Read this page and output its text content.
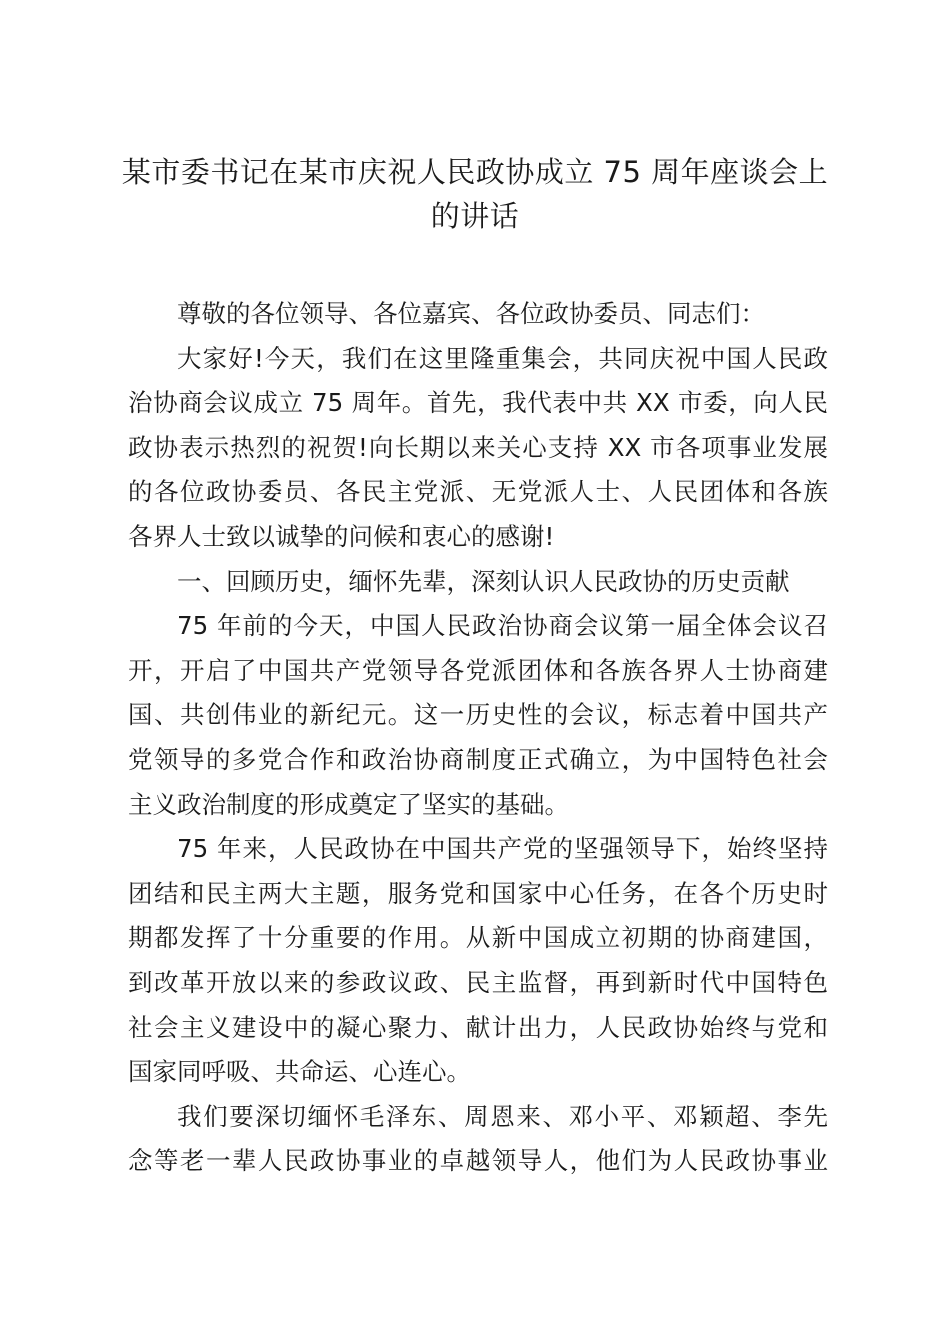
某市委书记在某市庆祝人民政协成立 75 周年座谈会上
的讲话
尊敬的各位领导、各位嘉宾、各位政协委员、同志们：
大家好!今天，我们在这里隆重集会，共同庆祝中国人民政
治协商会议成立 75 周年。首先，我代表中共 XX 市委，向人民
政协表示热烈的祝贺!向长期以来关心支持 XX 市各项事业发展
的各位政协委员、各民主党派、无党派人士、人民团体和各族
各界人士致以诚挚的问候和衷心的感谢!
一、回顾历史，缅怀先辈，深刻认识人民政协的历史贡献
75 年前的今天，中国人民政治协商会议第一届全体会议召
开，开启了中国共产党领导各党派团体和各族各界人士协商建
国、共创伟业的新纪元。这一历史性的会议，标志着中国共产
党领导的多党合作和政治协商制度正式确立，为中国特色社会
主义政治制度的形成奠定了坚实的基础。
75 年来，人民政协在中国共产党的坚强领导下，始终坚持
团结和民主两大主题，服务党和国家中心任务，在各个历史时
期都发挥了十分重要的作用。从新中国成立初期的协商建国，
到改革开放以来的参政议政、民主监督，再到新时代中国特色
社会主义建设中的凝心聚力、献计出力，人民政协始终与党和
国家同呼吸、共命运、心连心。
我们要深切缅怀毛泽东、周恩来、邓小平、邓颖超、李先
念等老一辈人民政协事业的卓越领导人，他们为人民政协事业
